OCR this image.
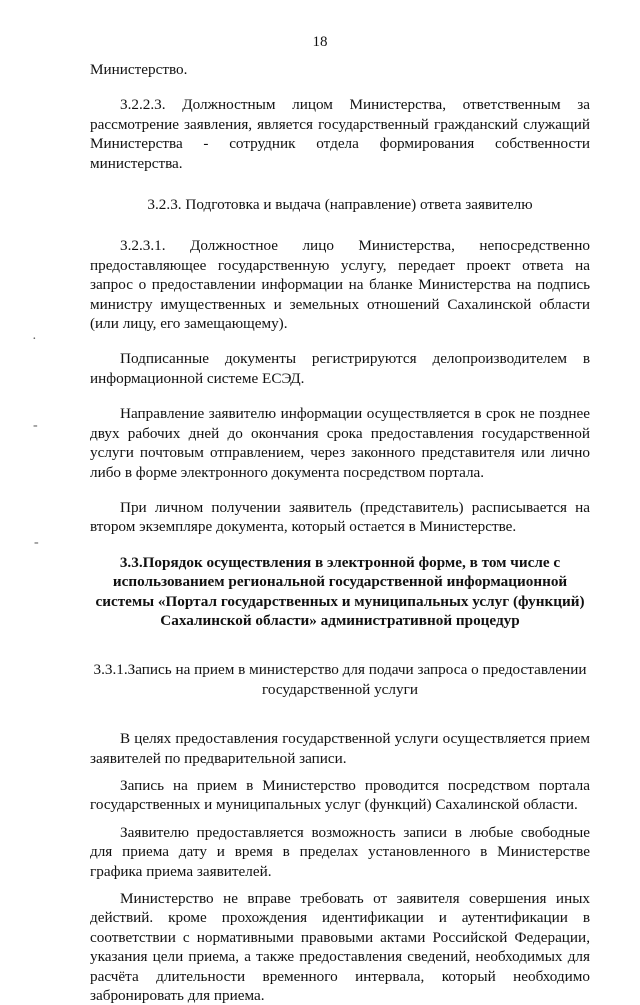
18
·
-
-

Министерство.

3.2.2.3. Должностным лицом Министерства, ответственным за рассмотрение заявления, является государственный гражданский служащий Министерства - сотрудник отдела формирования собственности министерства.

3.2.3. Подготовка и выдача (направление) ответа заявителю

3.2.3.1. Должностное лицо Министерства, непосредственно предоставляющее государственную услугу, передает проект ответа на запрос о предоставлении информации на бланке Министерства на подпись министру имущественных и земельных отношений Сахалинской области (или лицу, его замещающему).

Подписанные документы регистрируются делопроизводителем в информационной системе ЕСЭД.

Направление заявителю информации осуществляется в срок не позднее двух рабочих дней до окончания срока предоставления государственной услуги почтовым отправлением, через законного представителя или лично либо в форме электронного документа посредством портала.

При личном получении заявитель (представитель) расписывается на втором экземпляре документа, который остается в Министерстве.

3.3.Порядок осуществления в электронной форме, в том числе с использованием региональной государственной информационной системы «Портал государственных и муниципальных услуг (функций) Сахалинской области» административной процедур

3.3.1.Запись на прием в министерство для подачи запроса о предоставлении государственной услуги

В целях предоставления государственной услуги осуществляется прием заявителей по предварительной записи.

Запись на прием в Министерство проводится посредством портала государственных и муниципальных услуг (функций) Сахалинской области.

Заявителю предоставляется возможность записи в любые свободные для приема дату и время в пределах установленного в Министерстве графика приема заявителей.

Министерство не вправе требовать от заявителя совершения иных действий. кроме прохождения идентификации и аутентификации в соответствии с нормативными правовыми актами Российской Федерации, указания цели приема, а также предоставления сведений, необходимых для расчёта длительности временного интервала, который необходимо забронировать для приема.
